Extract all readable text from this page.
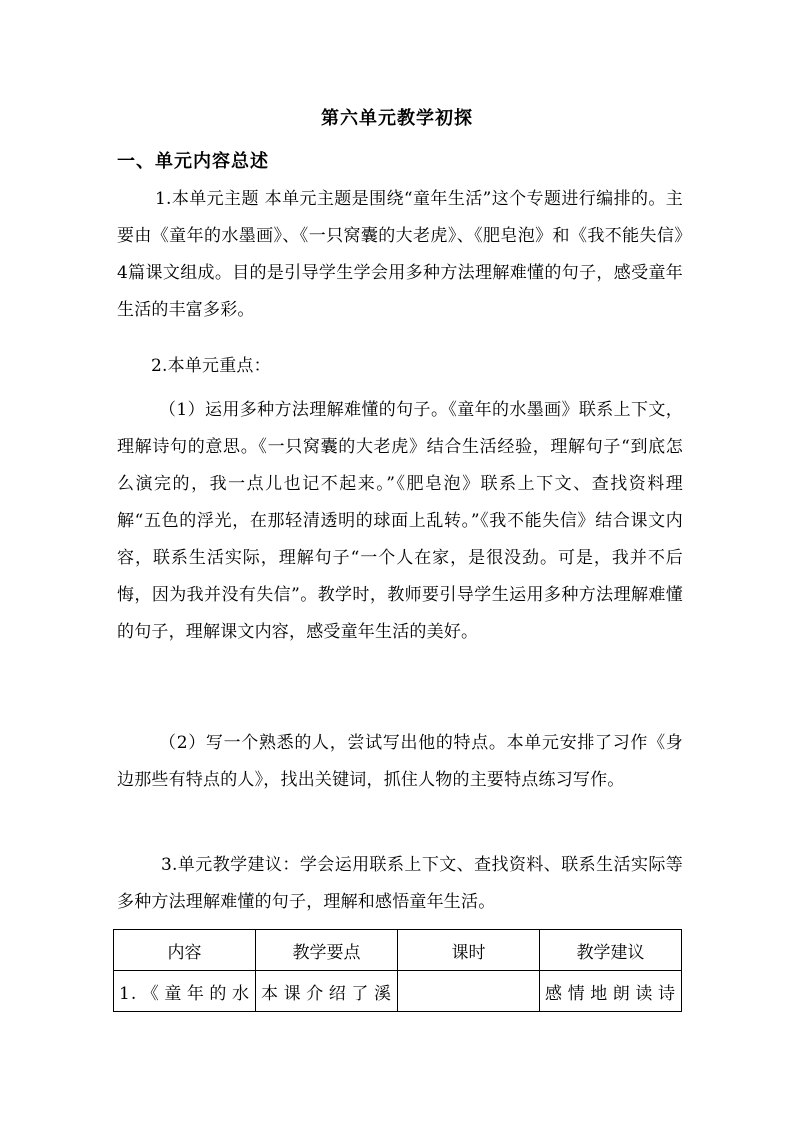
第六单元教学初探
一、单元内容总述
1.本单元主题 本单元主题是围绕“童年生活”这个专题进行编排的。主要由《童年的水墨画》、《一只窝囊的大老虎》、《肥皂泡》和《我不能失信》4篇课文组成。目的是引导学生学会用多种方法理解难懂的句子，感受童年生活的丰富多彩。
2.本单元重点：
（1）运用多种方法理解难懂的句子。《童年的水墨画》联系上下文，理解诗句的意思。《一只窝囊的大老虎》结合生活经验，理解句子“到底怎么演完的，我一点儿也记不起来。”《肥皂泡》联系上下文、查找资料理解“五色的浮光，在那轻清透明的球面上乱转。”《我不能失信》结合课文内容，联系生活实际，理解句子“一个人在家，是很没劲。可是，我并不后悔，因为我并没有失信”。教学时，教师要引导学生运用多种方法理解难懂的句子，理解课文内容，感受童年生活的美好。
（2）写一个熟悉的人，尝试写出他的特点。本单元安排了习作《身边那些有特点的人》，找出关键词，抓住人物的主要特点练习写作。
3.单元教学建议：学会运用联系上下文、查找资料、联系生活实际等多种方法理解难懂的句子，理解和感悟童年生活。
内容	教学要点	课时	教学建议
1.《童年的水	本课介绍了溪		感情地朗读诗
